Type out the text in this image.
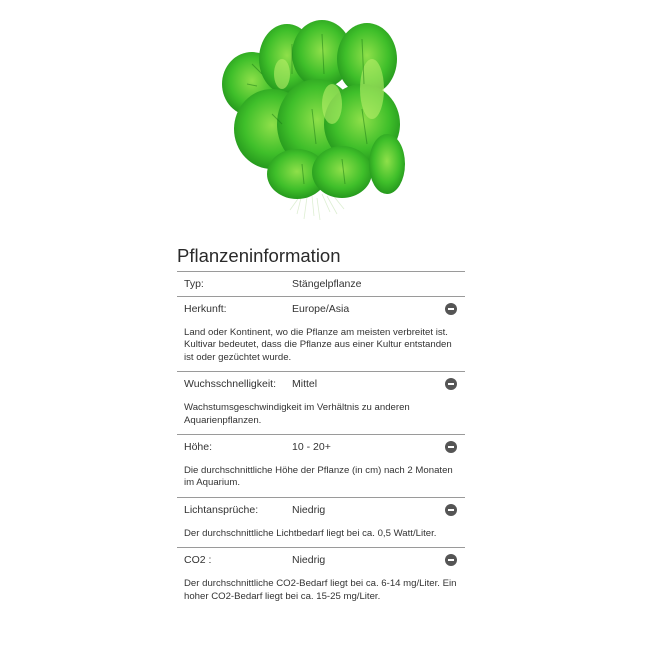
Pflanzeninformation
Typ:	Stängelpflanze
Herkunft:	Europe/Asia
Land oder Kontinent, wo die Pflanze am meisten verbreitet ist. Kultivar bedeutet, dass die Pflanze aus einer Kultur entstanden ist oder gezüchtet wurde.
Wuchsschnelligkeit: Mittel
Wachstumsgeschwindigkeit im Verhältnis zu anderen Aquarienpflanzen.
Höhe:	10 - 20+
Die durchschnittliche Höhe der Pflanze (in cm) nach 2 Monaten im Aquarium.
Lichtansprüche:	Niedrig
Der durchschnittliche Lichtbedarf liegt bei ca. 0,5 Watt/Liter.
CO2 :	Niedrig
Der durchschnittliche CO2-Bedarf liegt bei ca. 6-14 mg/Liter. Ein hoher CO2-Bedarf liegt bei ca. 15-25 mg/Liter.
